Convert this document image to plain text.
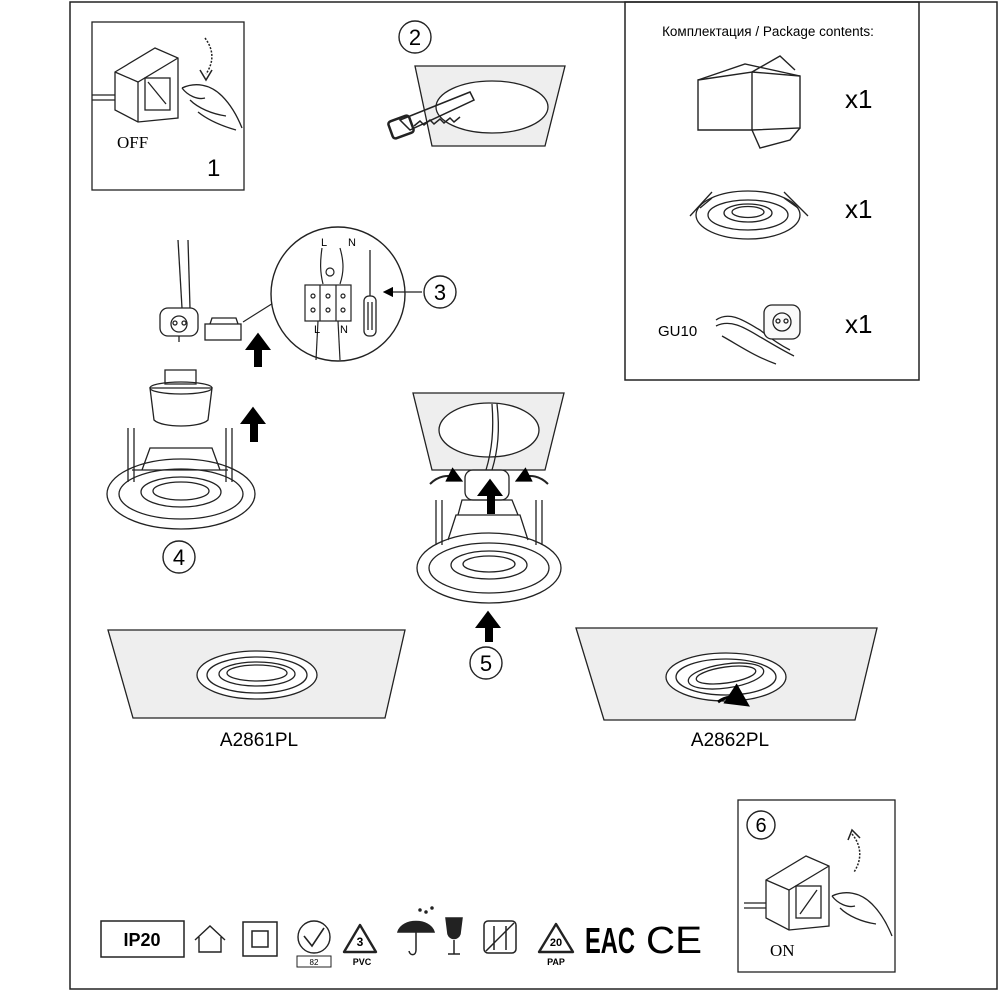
OFF
1
2	Комплектация / Package contents:
x1
x1
GU10	x1
L N
L N
3
4
5
A2861PL	A2862PL
6
ON
IP20
82
3
PVC
20
PAP
EAC CE
